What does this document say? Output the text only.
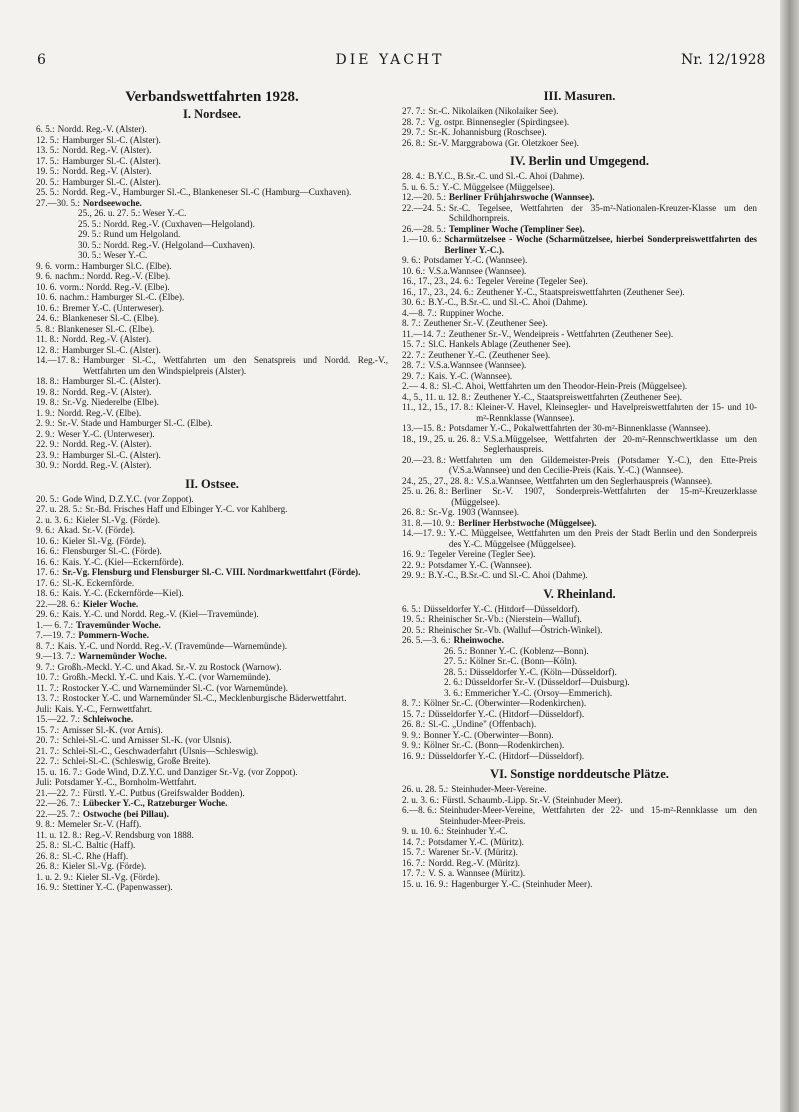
6	DIE YACHT	Nr. 12/1928
Verbandswettfahrten 1928.
I. Nordsee.
6. 5.: Nordd. Reg.-V. (Alster).
12. 5.: Hamburger Sl.-C. (Alster).
13. 5.: Nordd. Reg.-V. (Alster).
17. 5.: Hamburger Sl.-C. (Alster).
19. 5.: Nordd. Reg.-V. (Alster).
20. 5.: Hamburger Sl.-C. (Alster).
25. 5.: Nordd. Reg.-V., Hamburger Sl.-C., Blankeneser Sl.-C (Hamburg—Cuxhaven).
27.—30. 5.: Nordseewoche.
25., 26. u. 27. 5.: Weser Y.-C.
25. 5.: Nordd. Reg.-V. (Cuxhaven—Helgoland).
29. 5.: Rund um Helgoland.
30. 5.: Nordd. Reg.-V. (Helgoland—Cuxhaven).
30. 5.: Weser Y.-C.
9. 6. vorm.: Hamburger Sl.C. (Elbe).
9. 6. nachm.: Nordd. Reg.-V. (Elbe).
10. 6. vorm.: Nordd. Reg.-V. (Elbe).
10. 6. nachm.: Hamburger Sl.-C. (Elbe).
10. 6.: Bremer Y.-C. (Unterweser).
24. 6.: Blankeneser Sl.-C. (Elbe).
5. 8.: Blankeneser Sl.-C. (Elbe).
11. 8.: Nordd. Reg.-V. (Alster).
12. 8.: Hamburger Sl.-C. (Alster).
14.—17. 8.: Hamburger Sl.-C., Wettfahrten um den Senatspreis und Nordd. Reg.-V., Wettfahrten um den Windspielpreis (Alster).
18. 8.: Hamburger Sl.-C. (Alster).
19. 8.: Nordd. Reg.-V. (Alster).
19. 8.: Sr.-Vg. Niederelbe (Elbe).
1. 9.: Nordd. Reg.-V. (Elbe).
2. 9.: Sr.-V. Stade und Hamburger Sl.-C. (Elbe).
2. 9.: Weser Y.-C. (Unterweser).
22. 9.: Nordd. Reg.-V. (Alster).
23. 9.: Hamburger Sl.-C. (Alster).
30. 9.: Nordd. Reg.-V. (Alster).
II. Ostsee.
20. 5.: Gode Wind, D.Z.Y.C. (vor Zoppot).
27. u. 28. 5.: Sr.-Bd. Frisches Haff und Elbinger Y.-C. vor Kahlberg.
2. u. 3. 6.: Kieler Sl.-Vg. (Förde).
9. 6.: Akad. Sr.-V. (Förde).
10. 6.: Kieler Sl.-Vg. (Förde).
16. 6.: Flensburger Sl.-C. (Förde).
16. 6.: Kais. Y.-C. (Kiel—Eckernförde).
17. 6.: Sr.-Vg. Flensburg und Flensburger Sl.-C. VIII. Nordmarkwettfahrt (Förde).
17. 6.: Sl.-K. Eckernförde.
18. 6.: Kais. Y.-C. (Eckernförde—Kiel).
22.—28. 6.: Kieler Woche.
29. 6.: Kais. Y.-C. und Nordd. Reg.-V. (Kiel—Travemünde).
1.— 6. 7.: Travemünder Woche.
7.—19. 7.: Pommern-Woche.
8. 7.: Kais. Y.-C. und Nordd. Reg.-V. (Travemünde—Warnemünde).
9.—13. 7.: Warnemünder Woche.
9. 7.: Großh.-Meckl. Y.-C. und Akad. Sr.-V. zu Rostock (Warnow).
10. 7.: Großh.-Meckl. Y.-C. und Kais. Y.-C. (vor Warnemünde).
11. 7.: Rostocker Y.-C. und Warnemünder Sl.-C. (vor Warnemünde).
13. 7.: Rostocker Y.-C. und Warnemünder Sl.-C., Mecklenburgische Bäderwettfahrt.
Juli: Kais. Y.-C., Fernwettfahrt.
15.—22. 7.: Schleiwoche.
15. 7.: Arnisser Sl.-K. (vor Arnis).
20. 7.: Schlei-Sl.-C. und Arnisser Sl.-K. (vor Ulsnis).
21. 7.: Schlei-Sl.-C., Geschwaderfahrt (Ulsnis—Schleswig).
22. 7.: Schlei-Sl.-C. (Schleswig, Große Breite).
15. u. 16. 7.: Gode Wind, D.Z.Y.C. und Danziger Sr.-Vg. (vor Zoppot).
Juli: Potsdamer Y.-C., Bornholm-Wettfahrt.
21.—22. 7.: Fürstl. Y.-C. Putbus (Greifswalder Bodden).
22.—26. 7.: Lübecker Y.-C., Ratzeburger Woche.
22.—25. 7.: Ostwoche (bei Pillau).
9. 8.: Memeler Sr.-V. (Haff).
11. u. 12. 8.: Reg.-V. Rendsburg von 1888.
25. 8.: Sl.-C. Baltic (Haff).
26. 8.: Sl.-C. Rhe (Haff).
26. 8.: Kieler Sl.-Vg. (Förde).
1. u. 2. 9.: Kieler Sl.-Vg. (Förde).
16. 9.: Stettiner Y.-C. (Papenwasser).
III. Masuren.
27. 7.: Sr.-C. Nikolaiken (Nikolaiker See).
28. 7.: Vg. ostpr. Binnensegler (Spirdingsee).
29. 7.: Sr.-K. Johannisburg (Roschsee).
26. 8.: Sr.-V. Marggrabowa (Gr. Oletzkoer See).
IV. Berlin und Umgegend.
28. 4.: B.Y.C., B.Sr.-C. und Sl.-C. Ahoi (Dahme).
5. u. 6. 5.: Y.-C. Müggelsee (Müggelsee).
12.—20. 5.: Berliner Frühjahrswoche (Wannsee).
22.—24. 5.: Sr.-C. Tegelsee, Wettfahrten der 35-m²-Nationalen-Kreuzer-Klasse um den Schildhornpreis.
26.—28. 5.: Templiner Woche (Templiner See).
1.—10. 6.: Scharmützelsee - Woche (Scharmützelsee, hierbei Sonderpreiswettfahrten des Berliner Y.-C.).
9. 6.: Potsdamer Y.-C. (Wannsee).
10. 6.: V.S.a.Wannsee (Wannsee).
16., 17., 23., 24. 6.: Tegeler Vereine (Tegeler See).
16., 17., 23., 24. 6.: Zeuthener Y.-C., Staatspreiswettfahrten (Zeuthener See).
30. 6.: B.Y.-C., B.Sr.-C. und Sl.-C. Ahoi (Dahme).
4.—8. 7.: Ruppiner Woche.
8. 7.: Zeuthener Sr.-V. (Zeuthener See).
11.—14. 7.: Zeuthener Sr.-V., Wendeipreis - Wettfahrten (Zeuthener See).
15. 7.: Sl.C. Hankels Ablage (Zeuthener See).
22. 7.: Zeuthener Y.-C. (Zeuthener See).
28. 7.: V.S.a.Wannsee (Wannsee).
29. 7.: Kais. Y.-C. (Wannsee).
2.— 4. 8.: Sl.-C. Ahoi, Wettfahrten um den Theodor-Hein-Preis (Müggelsee).
4., 5., 11. u. 12. 8.: Zeuthener Y.-C., Staatspreiswettfahrten (Zeuthener See).
11., 12., 15., 17. 8.: Kleiner-V. Havel, Kleinsegler- und Havelpreiswettfahrten der 15- und 10-m²-Rennklasse (Wannsee).
13.—15. 8.: Potsdamer Y.-C., Pokalwettfahrten der 30-m²-Binnenklasse (Wannsee).
18., 19., 25. u. 26. 8.: V.S.a.Müggelsee, Wettfahrten der 20-m²-Rennschwertklasse um den Seglerhauspreis.
20.—23. 8.: Wettfahrten um den Gildemeister-Preis (Potsdamer Y.-C.), den Ette-Preis (V.S.a.Wannsee) und den Cecilie-Preis (Kais. Y.-C.) (Wannsee).
24., 25., 27., 28. 8.: V.S.a.Wannsee, Wettfahrten um den Seglerhauspreis (Wannsee).
25. u. 26. 8.: Berliner Sr.-V. 1907, Sonderpreis-Wettfahrten der 15-m²-Kreuzerklasse (Müggelsee).
26. 8.: Sr.-Vg. 1903 (Wannsee).
31. 8.—10. 9.: Berliner Herbstwoche (Müggelsee).
14.—17. 9.: Y.-C. Müggelsee, Wettfahrten um den Preis der Stadt Berlin und den Sonderpreis des Y.-C. Müggelsee (Müggelsee).
16. 9.: Tegeler Vereine (Tegler See).
22. 9.: Potsdamer Y.-C. (Wannsee).
29. 9.: B.Y.-C., B.Sr.-C. und Sl.-C. Ahoi (Dahme).
V. Rheinland.
6. 5.: Düsseldorfer Y.-C. (Hitdorf—Düsseldorf).
19. 5.: Rheinischer Sr.-Vb.: (Nierstein—Walluf).
20. 5.: Rheinischer Sr.-Vb. (Walluf—Östrich-Winkel).
26. 5.—3. 6.: Rheinwoche.
26. 5.: Bonner Y.-C. (Koblenz—Bonn).
27. 5.: Kölner Sr.-C. (Bonn—Köln).
28. 5.: Düsseldorfer Y.-C. (Köln—Düsseldorf).
2. 6.: Düsseldorfer Sr.-V. (Düsseldorf—Duisburg).
3. 6.: Emmericher Y.-C. (Orsoy—Emmerich).
8. 7.: Kölner Sr.-C. (Oberwinter—Rodenkirchen).
15. 7.: Düsseldorfer Y.-C. (Hitdorf—Düsseldorf).
26. 8.: Sl.-C. „Undine" (Offenbach).
9. 9.: Bonner Y.-C. (Oberwinter—Bonn).
9. 9.: Kölner Sr.-C. (Bonn—Rodenkirchen).
16. 9.: Düsseldorfer Y.-C. (Hitdorf—Düsseldorf).
VI. Sonstige norddeutsche Plätze.
26. u. 28. 5.: Steinhuder-Meer-Vereine.
2. u. 3. 6.: Fürstl. Schaumb.-Lipp. Sr.-V. (Steinhuder Meer).
6.—8. 6.: Steinhuder-Meer-Vereine, Wettfahrten der 22- und 15-m²-Rennklasse um den Steinhuder-Meer-Preis.
9. u. 10. 6.: Steinhuder Y.-C.
14. 7.: Potsdamer Y.-C. (Müritz).
15. 7.: Warener Sr.-V. (Müritz).
16. 7.: Nordd. Reg.-V. (Müritz).
17. 7.: V. S. a. Wannsee (Müritz).
15. u. 16. 9.: Hagenburger Y.-C. (Steinhuder Meer).
